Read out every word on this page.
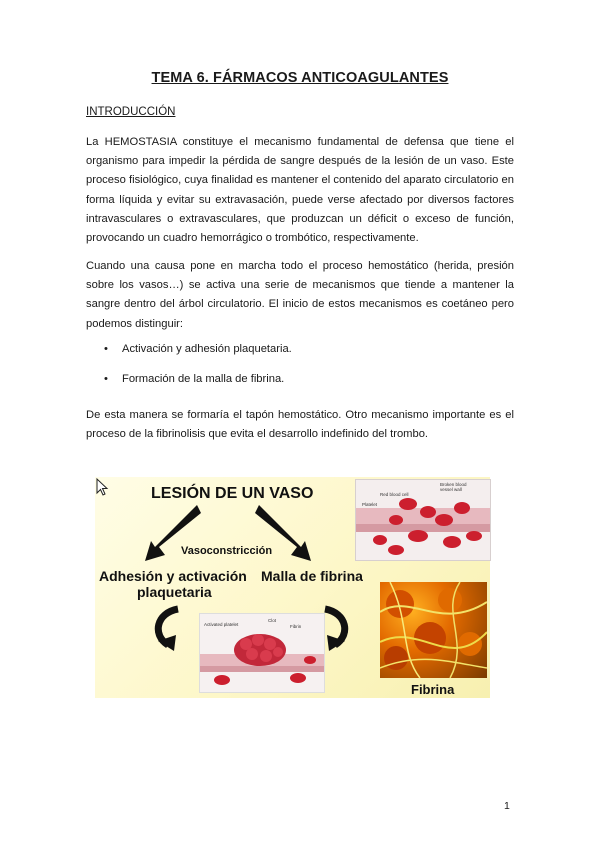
TEMA 6. FÁRMACOS ANTICOAGULANTES
INTRODUCCIÓN
La HEMOSTASIA constituye el mecanismo fundamental de defensa que tiene el organismo para impedir la pérdida de sangre después de la lesión de un vaso. Este proceso fisiológico, cuya finalidad es mantener el contenido del aparato circulatorio en forma líquida y evitar su extravasación, puede verse afectado por diversos factores intravasculares o extravasculares, que produzcan un déficit o exceso de función, provocando un cuadro hemorrágico o trombótico, respectivamente.
Cuando una causa pone en marcha todo el proceso hemostático (herida, presión sobre los vasos…) se activa una serie de mecanismos que tiende a mantener la sangre dentro del árbol circulatorio. El inicio de estos mecanismos es coetáneo pero podemos distinguir:
• Activación y adhesión plaquetaria.
• Formación de la malla de fibrina.
De esta manera se formaría el tapón hemostático. Otro mecanismo importante es el proceso de la fibrinolisis que evita el desarrollo indefinido del trombo.
LESIÓN DE UN VASO
Vasoconstricción
Adhesión y activación
plaquetaria
Malla de fibrina
Red blood cell
Broken blood vessel wall
Platelet
Activated platelet
Clot
Fibrin
Fibrina
1
